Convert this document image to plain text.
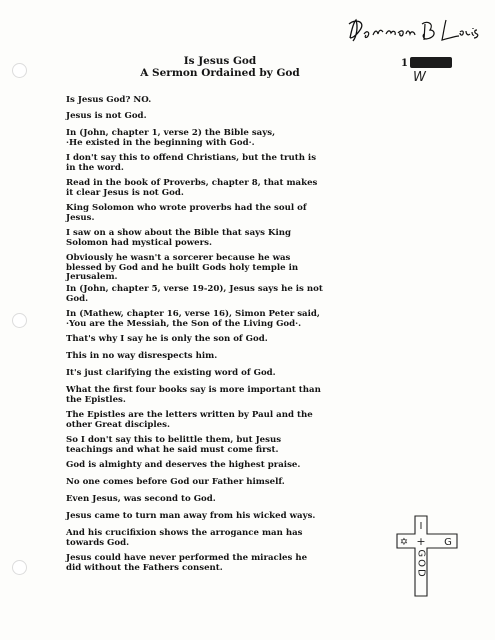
Is Jesus God
A Sermon Ordained by God
1
W

Is Jesus God? NO.

Jesus is not God.

In (John, chapter 1, verse 2) the Bible says,
·He existed in the beginning with God·.

I don't say this to offend Christians, but the truth is
in the word.

Read in the book of Proverbs, chapter 8, that makes
it clear Jesus is not God.

King Solomon who wrote proverbs had the soul of
Jesus.

I saw on a show about the Bible that says King
Solomon had mystical powers.

Obviously he wasn't a sorcerer because he was
blessed by God and he built Gods holy temple in
Jerusalem.

In (John, chapter 5, verse 19-20), Jesus says he is not
God.

In (Mathew, chapter 16, verse 16), Simon Peter said,
·You are the Messiah, the Son of the Living God·.

That's why I say he is only the son of God.

This in no way disrespects him.

It's just clarifying the existing word of God.

What the first four books say is more important than
the Epistles.

The Epistles are the letters written by Paul and the
other Great disciples.

So I don't say this to belittle them, but Jesus
teachings and what he said must come first.

God is almighty and deserves the highest praise.

No one comes before God our Father himself.

Even Jesus, was second to God.

Jesus came to turn man away from his wicked ways.

And his crucifixion shows the arrogance man has
towards God.

Jesus could have never performed the miracles he
did without the Fathers consent.

I
✡ + G
GOD
